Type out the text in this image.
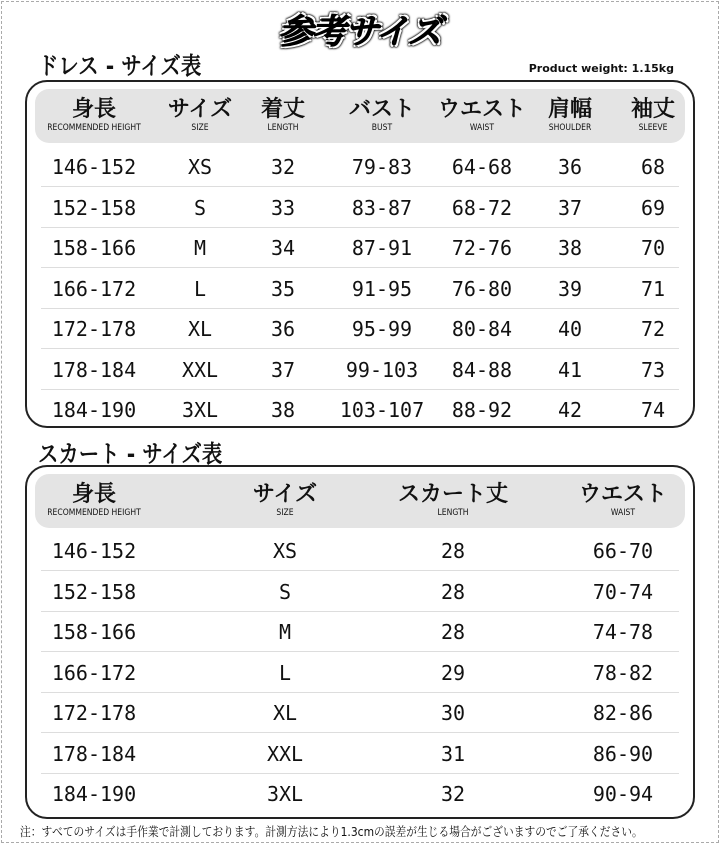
参考サイズ
ドレス - サイズ表	Product weight: 1.15kg
身長
RECOMMENDED HEIGHT
サイズ
SIZE
着丈
LENGTH
バスト
BUST
ウエスト
WAIST
肩幅
SHOULDER
袖丈
SLEEVE
146-152	XS	32	79-83 64-68 36	68
152-158	S	33	83-87 68-72 37	69
158-166	M	34	87-91 72-76 38	70
166-172	L	35	91-95 76-80 39	71
172-178	XL	36	95-99 80-84 40	72
178-184 XXL	37	99-103 84-88 41	73
184-190 3XL	38 103-107 88-92 42	74
スカート - サイズ表
身長
RECOMMENDED HEIGHT
サイズ
SIZE
スカート丈
LENGTH
ウエスト
WAIST
146-152	XS	28	66-70
152-158	S	28	70-74
158-166	M	28	74-78
166-172	L	29	78-82
172-178	XL	30	82-86
178-184	XXL	31	86-90
184-190	3XL	32	90-94
注：すべてのサイズは手作業で計測しております。計測方法により1.3cmの誤差が生じる場合がございますのでご了承ください。
